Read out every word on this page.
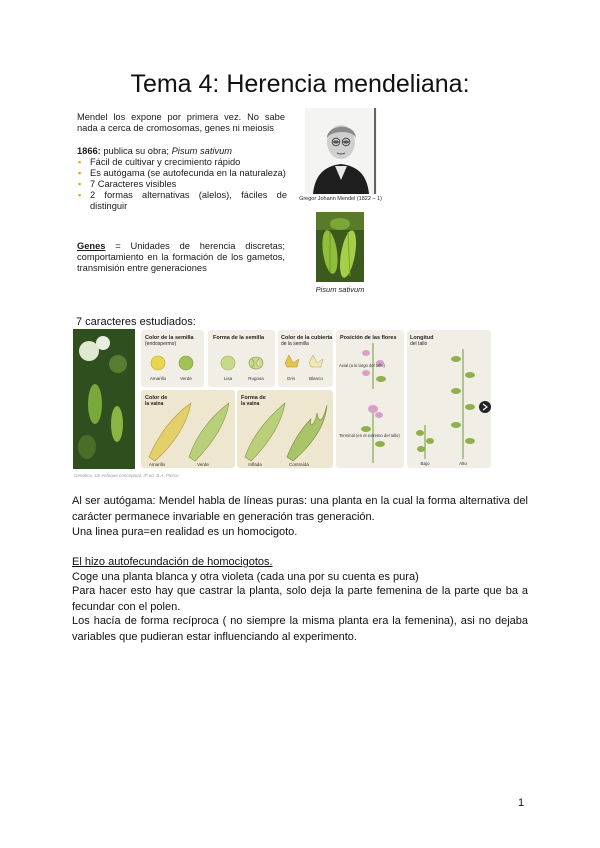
Tema 4: Herencia mendeliana:
Mendel los expone por primera vez. No sabe nada a cerca de cromosomas, genes ni meiosis
1866: publica su obra; Pisum sativum
▪ Fácil de cultivar y crecimiento rápido
▪ Es autógama (se autofecunda en la naturaleza)
▪ 7 Caracteres visibles
▪ 2 formas alternativas (alelos), fáciles de distinguir
Genes = Unidades de herencia discretas; comportamiento en la formación de los gametos, transmisión entre generaciones
Gregor Johann Mendel (1822 – 1)
Pisum sativum
7 caracteres estudiados:
Color de la semilla
(endospermo)
Forma de la semilla	Color de la cubierta
de la semilla
Posición de las flores Longitud
del tallo
Color de
la vaina
Forma de
la vaina
Amarillo	Verde	Lisa	Rugosa	Gris	Blanco
Amarillo	Verde	Inflada	Contraída
Axial (a lo largo del tallo)
Terminal (en el extremo del tallo)
Bajo	Alto
Genética. Un enfoque conceptual, 3ª ed. B.A. Pierce
Al ser autógama: Mendel habla de líneas puras: una planta en la cual la forma alternativa del carácter permanece invariable en generación tras generación.
Una linea pura=en realidad es un homocigoto.
El hizo autofecundación de homocigotos.
Coge una planta blanca y otra violeta (cada una por su cuenta es pura)
Para hacer esto hay que castrar la planta, solo deja la parte femenina de la parte que ba a fecundar con el polen.
Los hacía de forma recíproca ( no siempre la misma planta era la femenina), asi no dejaba variables que pudieran estar influenciando al experimento.
1
